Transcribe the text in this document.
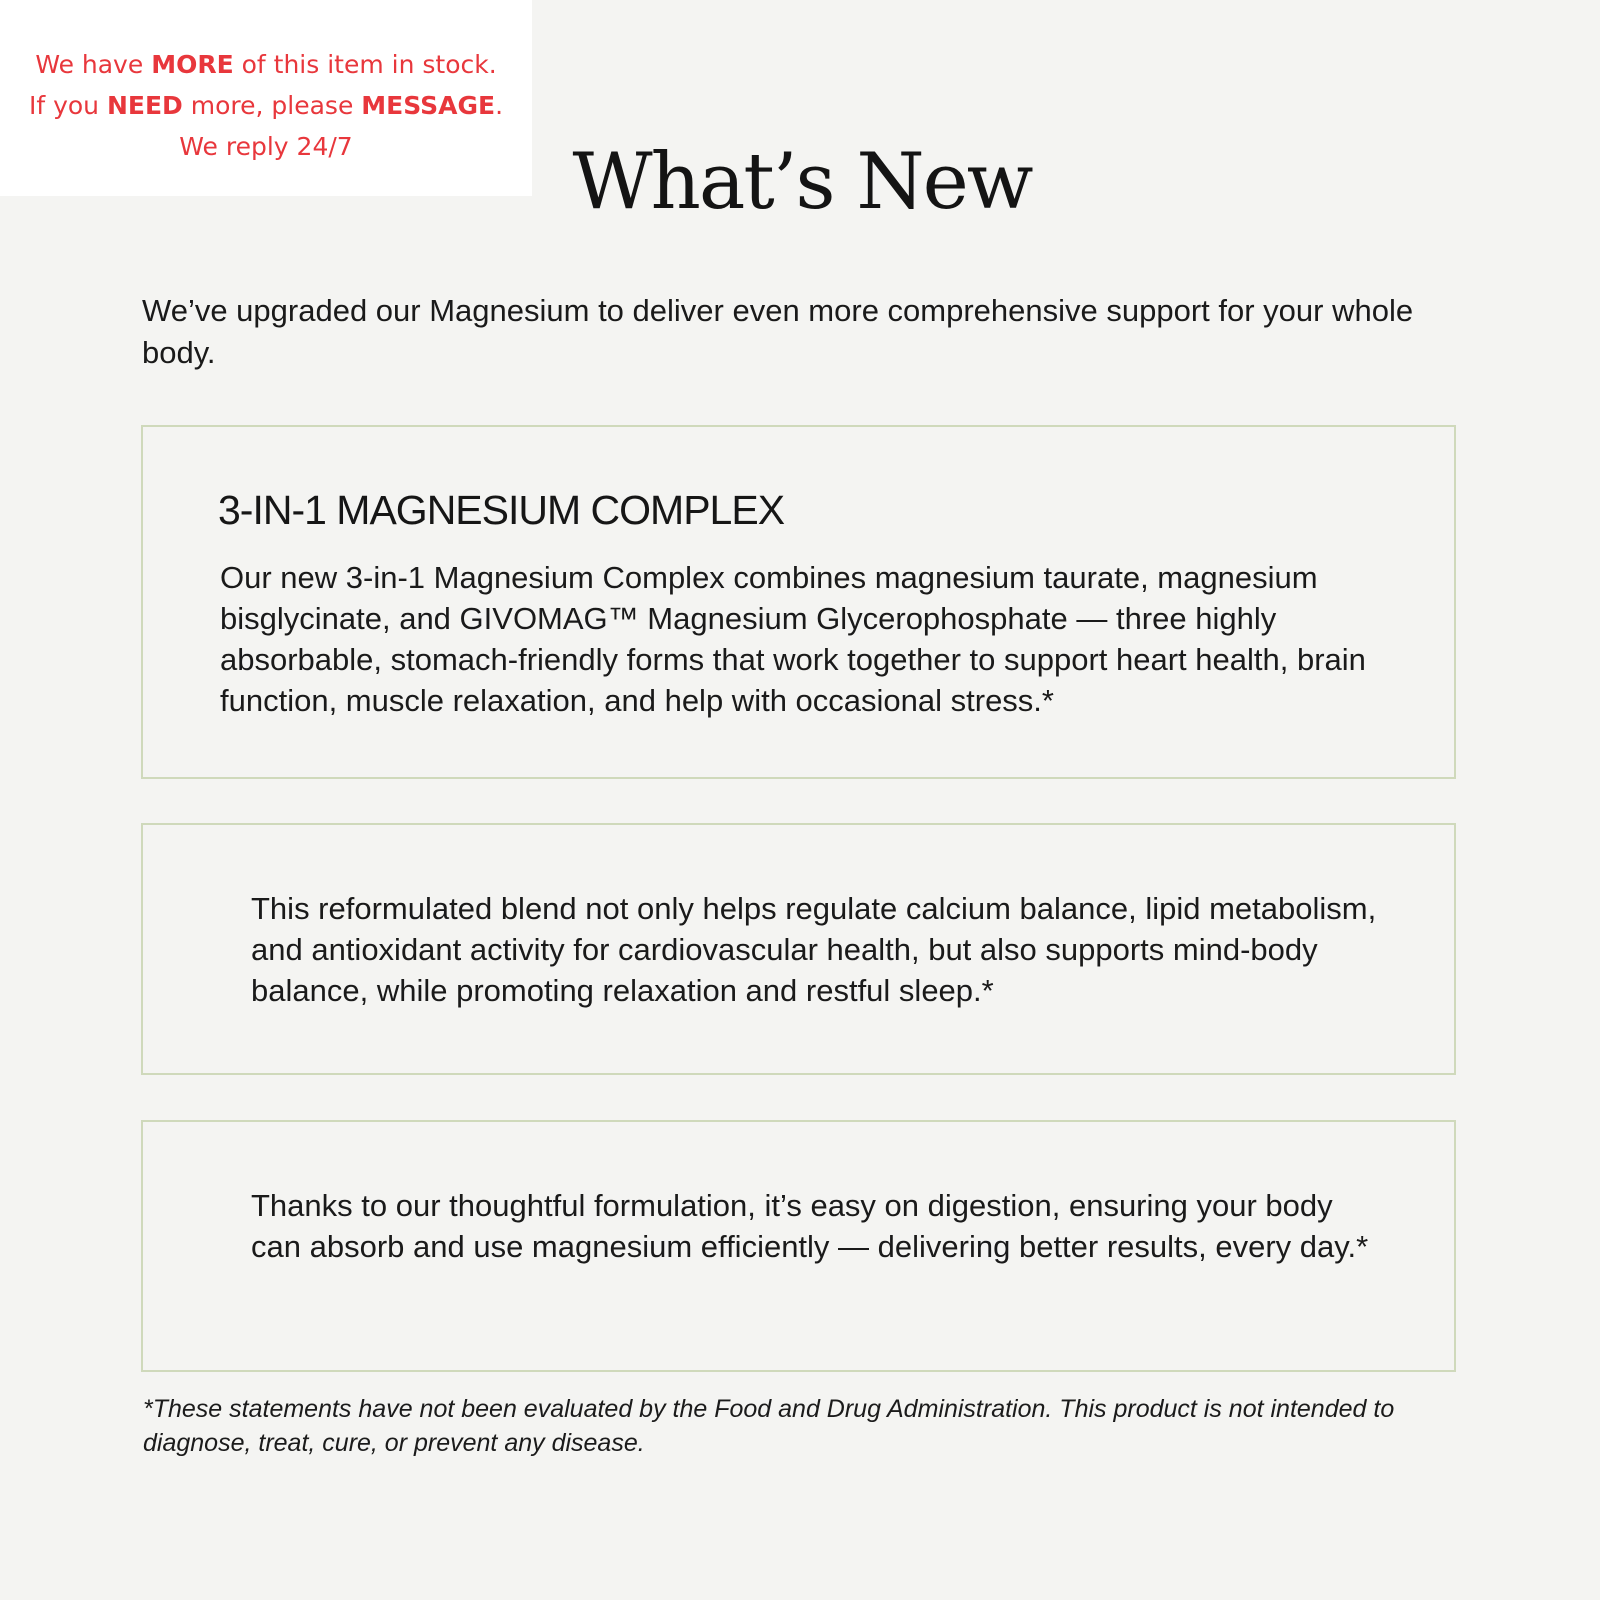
We have MORE of this item in stock.
If you NEED more, please MESSAGE.
We reply 24/7	What’s New

We’ve upgraded our Magnesium to deliver even more comprehensive support for your whole body.

3-IN-1 MAGNESIUM COMPLEX

Our new 3-in-1 Magnesium Complex combines magnesium taurate, magnesium bisglycinate, and GIVOMAG™ Magnesium Glycerophosphate — three highly absorbable, stomach-friendly forms that work together to support heart health, brain function, muscle relaxation, and help with occasional stress.*

This reformulated blend not only helps regulate calcium balance, lipid metabolism, and antioxidant activity for cardiovascular health, but also supports mind-body balance, while promoting relaxation and restful sleep.*

Thanks to our thoughtful formulation, it’s easy on digestion, ensuring your body can absorb and use magnesium efficiently — delivering better results, every day.*

*These statements have not been evaluated by the Food and Drug Administration. This product is not intended to diagnose, treat, cure, or prevent any disease.
